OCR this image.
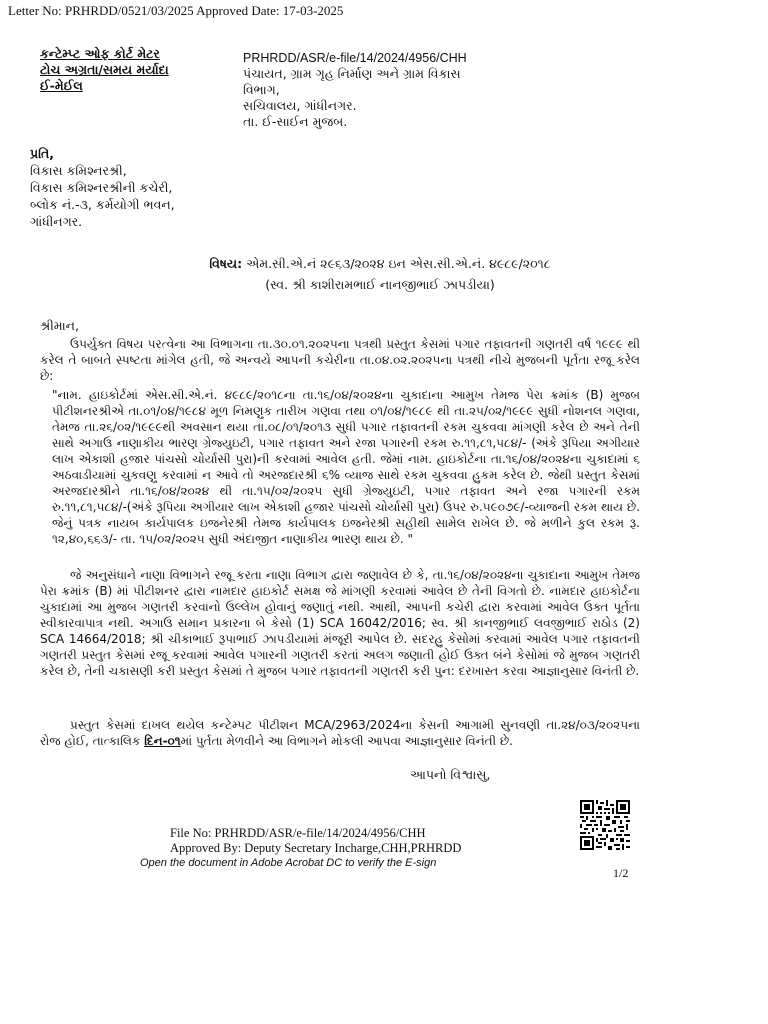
Letter No: PRHRDD/0521/03/2025 Approved Date: 17-03-2025
કન્ટેમ્પ્ટ ઓફ કોર્ટ મેટર
ટોચ અગ્રતા/સમય મર્યાદા
ઈ-મેઈલ
PRHRDD/ASR/e-file/14/2024/4956/CHH
પંચાયત, ગ્રામ ગૃહ નિર્માણ અને ગ્રામ વિકાસ
વિભાગ,
સચિવાલય, ગાંધીનગર.
તા. ઈ-સાઈન મુજબ.
પ્રતિ,
વિકાસ કમિશ્નરશ્રી,
વિકાસ કમિશ્નરશ્રીની કચેરી,
બ્લોક નં.-૩, કર્મયોગી ભવન,
ગાંધીનગર.
વિષય: એમ.સી.એ.નં ૨૯૬૩/૨૦૨૪ ઇન એસ.સી.એ.નં. ૪૯૮૯/૨૦૧૮
(સ્વ. શ્રી કાશીરામભાઈ નાનજીભાઈ ઝાપડીયા)
શ્રીમાન,

ઉપર્યુક્ત વિષય પરત્વેના આ વિભાગના તા.૩૦.૦૧.૨૦૨૫ના પત્રથી પ્રસ્તુત કેસમાં પગાર તફાવતની ગણતરી વર્ષ ૧૯૯૯ થી કરેલ તે બાબતે સ્પષ્ટતા માંગેલ હતી, જે અન્વયે આપની કચેરીના તા.૦૪.૦૨.૨૦૨૫ના પત્રથી નીચે મુજબની પૂર્તતા રજૂ કરેલ છે:

"નામ. હાઇકોર્ટમાં એસ.સી.એ.નં. ૪૯૮૯/૨૦૧૮ના તા.૧૬/૦૪/૨૦૨૪ના ચુકાદાના આમુખ તેમજ પેરા ક્રમાંક (B) મુજબ પીટીશનરશ્રીએ તા.૦૧/૦૪/૧૯૮૪ મૂળ નિમણુક તારીખ ગણવા તથા ૦૧/૦૪/૧૯૮૯ થી તા.૨૫/૦૨/૧૯૯૯ સુધી નોશનલ ગણવા, તેમજ તા.૨૬/૦૨/૧૯૯૯થી અવસાન થયા તા.૦૮/૦૧/૨૦૧૩ સુધી પગાર તફાવતની રકમ ચુકવવા માંગણી કરેલ છે અને તેની સાથે અગાઉ નાણાકીય ભારણ ગ્રેજ્યુઇટી, પગાર તફાવત અને રજા પગારની રકમ રુ.૧૧,૮૧,૫૮૪/- (અંકે રૂપિયા અગીયાર લાખ એકાશી હજાર પાંચસો ચોર્યાસી પુરા)ની કરવામાં આવેલ હતી. જેમાં નામ. હાઇકોર્ટના તા.૧૬/૦૪/૨૦૨૪ના ચુકાદામાં ૬ અઠવાડીયામાં ચુકવણુ કરવામાં ન આવે તો અરજદારશ્રી ૬% વ્યાજ સાથે રકમ ચુકવવા હુકમ કરેલ છે. જેથી પ્રસ્તુત કેસમાં અરજદારશ્રીને તા.૧૬/૦૪/૨૦૨૪ થી તા.૧૫/૦૨/૨૦૨૫ સુધી ગ્રેજ્યુઇટી, પગાર તફાવત અને રજા પગારની રકમ રુ.૧૧,૮૧,૫૮૪/-(અંકે રૂપિયા અગીયાર લાખ એકાશી હજાર પાંચસો ચોર્યાસી પુરા) ઉપર રુ.૫૯૦૭૯/-વ્યાજની રકમ થાય છે. જેનું પત્રક નાયબ કાર્યપાલક ઇજનેરશ્રી તેમજ કાર્યપાલક ઇજનેરશ્રી સહીથી સામેલ રાખેલ છે. જે મળીને કુલ રકમ રૂ. ૧૨,૪૦,૬૬૩/- તા. ૧૫/૦૨/૨૦૨૫ સુધી અંદાજીત નાણાકીય ભારણ થાય છે. "

જે અનુસંધાને નાણા વિભાગને રજૂ કરતા નાણા વિભાગ દ્વારા જણાવેલ છે કે, તા.૧૬/૦૪/૨૦૨૪ના ચુકાદાના આમુખ તેમજ પેરા ક્રમાંક (B) માં પીટીશનર દ્વારા નામદાર હાઇકોર્ટ સમક્ષ જે માંગણી કરવામાં આવેલ છે તેની વિગતો છે. નામદાર હાઇકોર્ટના ચુકાદામાં આ મુજબ ગણતરી કરવાનો ઉલ્લેખ હોવાનું જણાતું નથી. આથી, આપની કચેરી દ્વારા કરવામાં આવેલ ઉક્ત પૂર્તતા સ્વીકારવાપાત્ર નથી. અગાઉ સમાન પ્રકારના બે કેસો (1) SCA 16042/2016; સ્વ. શ્રી કાનજીભાઈ લવજીભાઈ રાઠોડ (2) SCA 14664/2018; શ્રી ચીકાભાઈ રૂપાભાઈ ઝાપડીયામાં મંજૂરી આપેલ છે. સદરહુ કેસોમાં કરવામાં આવેલ પગાર તફાવતની ગણતરી પ્રસ્તુત કેસમાં રજૂ કરવામાં આવેલ પગારની ગણતરી કરતાં અલગ જણાતી હોઈ ઉક્ત બંને કેસોમાં જે મુજબ ગણતરી કરેલ છે, તેની ચકાસણી કરી પ્રસ્તુત કેસમાં તે મુજબ પગાર તફાવતની ગણતરી કરી પુન: દરખાસ્ત કરવા આજ્ઞાનુસાર વિનંતી છે.

પ્રસ્તુત કેસમાં દાખલ થયેલ કન્ટેમ્પટ પીટીશન MCA/2963/2024ના કેસની આગામી સુનવણી તા.૨૪/૦૩/૨૦૨૫ના રોજ હોઈ, તાત્કાલિક દિન-૦૧માં પુર્તતા મેળવીને આ વિભાગને મોકલી આપવા આજ્ઞાનુસાર વિનંતી છે.

આપનો વિશ્વાસુ,
File No: PRHRDD/ASR/e-file/14/2024/4956/CHH
Approved By: Deputy Secretary Incharge,CHH,PRHRDD
Open the document in Adobe Acrobat DC to verify the E-sign
1/2
